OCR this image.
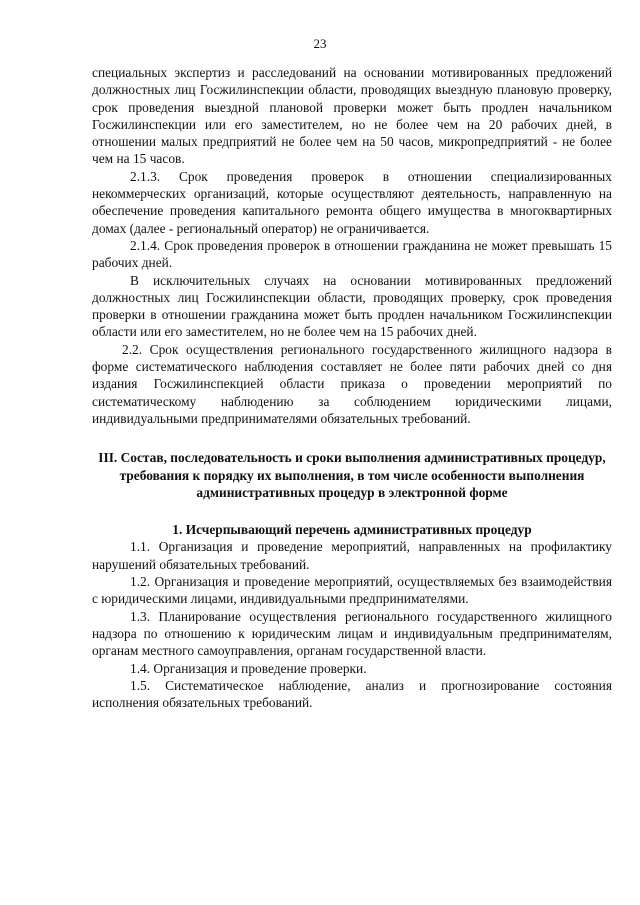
23

специальных экспертиз и расследований на основании мотивированных предложений должностных лиц Госжилинспекции области, проводящих выездную плановую проверку, срок проведения выездной плановой проверки может быть продлен начальником Госжилинспекции или его заместителем, но не более чем на 20 рабочих дней, в отношении малых предприятий не более чем на 50 часов, микропредприятий - не более чем на 15 часов.

2.1.3. Срок проведения проверок в отношении специализированных некоммерческих организаций, которые осуществляют деятельность, направленную на обеспечение проведения капитального ремонта общего имущества в многоквартирных домах (далее - региональный оператор) не ограничивается.

2.1.4. Срок проведения проверок в отношении гражданина не может превышать 15 рабочих дней.

В исключительных случаях на основании мотивированных предложений должностных лиц Госжилинспекции области, проводящих проверку, срок проведения проверки в отношении гражданина может быть продлен начальником Госжилинспекции области или его заместителем, но не более чем на 15 рабочих дней.

2.2. Срок осуществления регионального государственного жилищного надзора в форме систематического наблюдения составляет не более пяти рабочих дней со дня издания Госжилинспекцией области приказа о проведении мероприятий по систематическому наблюдению за соблюдением юридическими лицами, индивидуальными предпринимателями обязательных требований.

III. Состав, последовательность и сроки выполнения административных процедур, требования к порядку их выполнения, в том числе особенности выполнения административных процедур в электронной форме

1. Исчерпывающий перечень административных процедур

1.1. Организация и проведение мероприятий, направленных на профилактику нарушений обязательных требований.

1.2. Организация и проведение мероприятий, осуществляемых без взаимодействия с юридическими лицами, индивидуальными предпринимателями.

1.3. Планирование осуществления регионального государственного жилищного надзора по отношению к юридическим лицам и индивидуальным предпринимателям, органам местного самоуправления, органам государственной власти.

1.4. Организация и проведение проверки.

1.5. Систематическое наблюдение, анализ и прогнозирование состояния исполнения обязательных требований.
